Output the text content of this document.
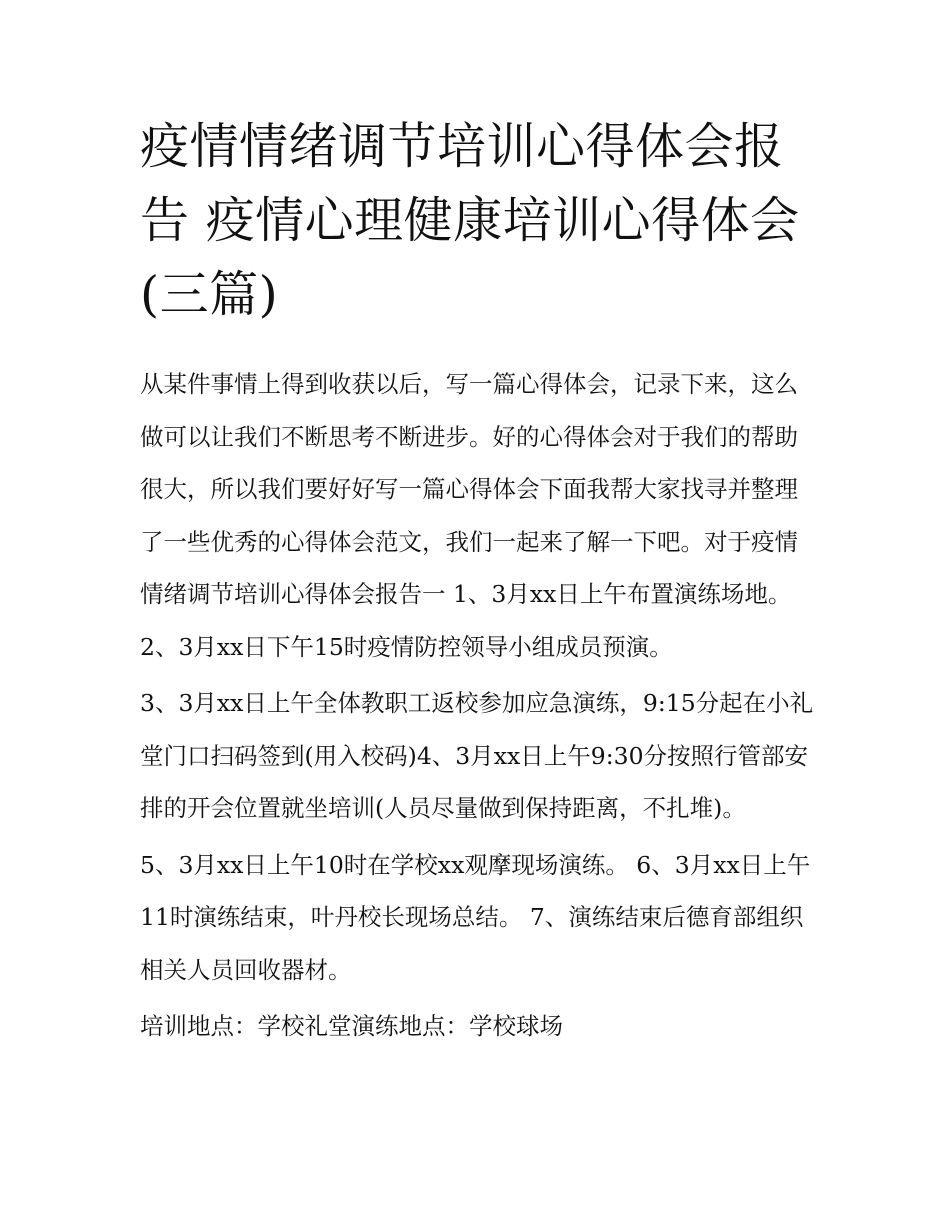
疫情情绪调节培训心得体会报告 疫情心理健康培训心得体会(三篇)

从某件事情上得到收获以后，写一篇心得体会，记录下来，这么做可以让我们不断思考不断进步。好的心得体会对于我们的帮助很大，所以我们要好好写一篇心得体会下面我帮大家找寻并整理了一些优秀的心得体会范文，我们一起来了解一下吧。对于疫情情绪调节培训心得体会报告一 1、3月xx日上午布置演练场地。 2、3月xx日下午15时疫情防控领导小组成员预演。

3、3月xx日上午全体教职工返校参加应急演练，9:15分起在小礼堂门口扫码签到(用入校码)4、3月xx日上午9:30分按照行管部安排的开会位置就坐培训(人员尽量做到保持距离，不扎堆)。

5、3月xx日上午10时在学校xx观摩现场演练。 6、3月xx日上午11时演练结束，叶丹校长现场总结。 7、演练结束后德育部组织相关人员回收器材。

培训地点：学校礼堂演练地点：学校球场
